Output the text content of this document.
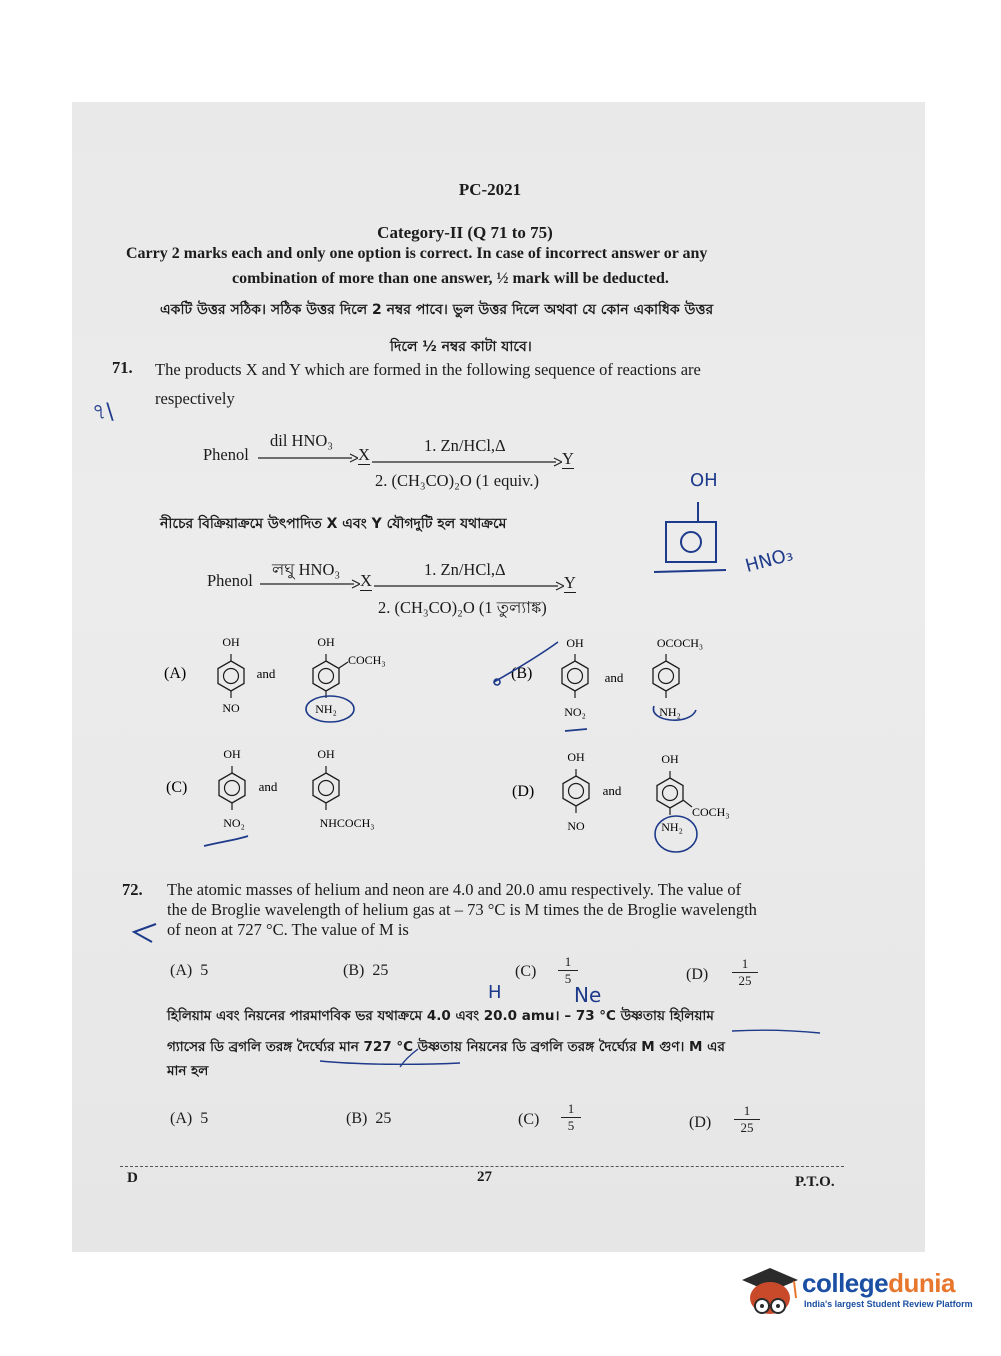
PC-2021
Category-II (Q 71 to 75)
Carry 2 marks each and only one option is correct. In case of incorrect answer or any
combination of more than one answer, ½ mark will be deducted.
একটি উত্তর সঠিক। সঠিক উত্তর দিলে 2 নম্বর পাবে। ভুল উত্তর দিলে অথবা যে কোন একাধিক উত্তর
দিলে ½ নম্বর কাটা যাবে।
71. The products X and Y which are formed in the following sequence of reactions are
respectively
৭\
Phenol
dil HNO₃
X	1. Zn/HCl,Δ
Y
2. (CH₃CO)₂O (1 equiv.)
নীচের বিক্রিয়াক্রমে উৎপাদিত X এবং Y যৌগদুটি হল যথাক্রমে
Phenol
লঘু HNO₃
X
1. Zn/HCl,Δ
Y
2. (CH₃CO)₂O (1 তুল্যাঙ্ক)
OH
HNO₃
(A)
OH
NO
and
OH
COCH₃
NH₂
(B)
OH
NO₂
and
OCOCH₃
NH₂
(C)
OH
NO₂
and
OH
NHCOCH₃
(D)
OH
NO
and
OH
COCH₃
NH₂
72. The atomic masses of helium and neon are 4.0 and 20.0 amu respectively. The value of
the de Broglie wavelength of helium gas at – 73 °C is M times the de Broglie wavelength
of neon at 727 °C. The value of M is
(A) 5	(B) 25	$(C) \frac{1}{5}$	$(D) \frac{1}{25}$
H	Ne
হিলিয়াম এবং নিয়নের পারমাণবিক ভর যথাক্রমে 4.0 এবং 20.0 amu। – 73 °C উষ্ণতায় হিলিয়াম
গ্যাসের ডি ব্রগলি তরঙ্গ দৈর্ঘ্যের মান 727 °C উষ্ণতায় নিয়নের ডি ব্রগলি তরঙ্গ দৈর্ঘ্যের M গুণ। M এর
মান হল
(A) 5	(B) 25	$(C) \frac{1}{5}$	$(D) \frac{1}{25}$
D	27	P.T.O.
collegedunia
India's largest Student Review Platform
